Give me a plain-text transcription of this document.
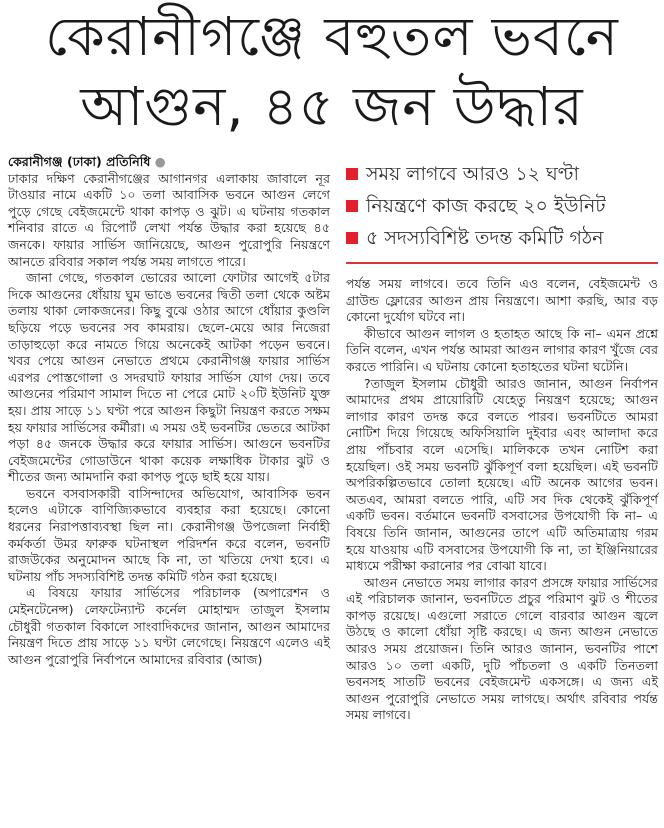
কেরানীগঞ্জে বহুতল ভবনে
আগুন, ৪৫ জন উদ্ধার
কেরানীগঞ্জ (ঢাকা) প্রতিনিধি ●

ঢাকার দক্ষিণ কেরানীগঞ্জের আগানগর এলাকায় জাবালে নূর টাওয়ার নামে একটি ১০ তলা আবাসিক ভবনে আগুন লেগে পুড়ে গেছে বেইজমেন্টে থাকা কাপড় ও ঝুট। এ ঘটনায় গতকাল শনিবার রাতে এ রিপোর্ট লেখা পর্যন্ত উদ্ধার করা হয়েছে ৪৫ জনকে। ফায়ার সার্ভিস জানিয়েছে, আগুন পুরোপুরি নিয়ন্ত্রণে আনতে রবিবার সকাল পর্যন্ত সময় লাগতে পারে।

জানা গেছে, গতকাল ভোরের আলো ফোটার আগেই ৫টার দিকে আগুনের ধোঁয়ায় ঘুম ভাঙে ভবনের দ্বিতী তলা থেকে অষ্টম তলায় থাকা লোকজনের। কিছু বুঝে ওঠার আগে ধোঁয়ার কুণ্ডলি ছড়িয়ে পড়ে ভবনের সব কামরায়। ছেলে-মেয়ে আর নিজেরা তাড়াহুড়ো করে নামতে গিয়ে অনেকেই আটকা পড়েন ভবনে। খবর পেয়ে আগুন নেভাতে প্রথমে কেরানীগঞ্জ ফায়ার সার্ভিস এরপর পোস্তগোলা ও সদরঘাট ফায়ার সার্ভিস যোগ দেয়। তবে আগুনের পরিমাণ সামাল দিতে না পেরে মোট ২০টি ইউনিট যুক্ত হয়। প্রায় সাড়ে ১১ ঘণ্টা পরে আগুন কিছুটা নিয়ন্ত্রণ করতে সক্ষম হয় ফায়ার সার্ভিসের কর্মীরা। এ সময় ওই ভবনটির ভেতরে আটকা পড়া ৪৫ জনকে উদ্ধার করে ফায়ার সার্ভিস। আগুনে ভবনটির বেইজমেন্টের গোডাউনে থাকা কয়েক লক্ষাধিক টাকার ঝুট ও শীতের জন্য আমদানি করা কাপড় পুড়ে ছাই হয়ে যায়।

ভবনে বসবাসকারী বাসিন্দাদের অভিযোগ, আবাসিক ভবন হলেও এটাকে বাণিজ্যিকভাবে ব্যবহার করা হয়েছে। কোনো ধরনের নিরাপত্তাব্যবস্থা ছিল না। কেরানীগঞ্জ উপজেলা নির্বাহী কর্মকর্তা উমর ফারুক ঘটনাস্থল পরিদর্শন করে বলেন, ভবনটি রাজউকের অনুমোদন আছে কি না, তা খতিয়ে দেখা হবে। এ ঘটনায় পাঁচ সদস্যবিশিষ্ট তদন্ত কমিটি গঠন করা হয়েছে।

এ বিষয়ে ফায়ার সার্ভিসের পরিচালক (অপারেশন ও মেইনটেনেন্স) লেফটেন্যান্ট কর্নেল মোহাম্মদ তাজুল ইসলাম চৌধুরী গতকাল বিকালে সাংবাদিকদের জানান, আগুন আমাদের নিয়ন্ত্রণ দিতে প্রায় সাড়ে ১১ ঘণ্টা লেগেছে। নিয়ন্ত্রণে এলেও এই আগুন পুরোপুরি নির্বাপনে আমাদের রবিবার (আজ)

সময় লাগবে আরও ১২ ঘণ্টা
নিয়ন্ত্রণে কাজ করছে ২০ ইউনিট
৫ সদস্যবিশিষ্ট তদন্ত কমিটি গঠন

পর্যন্ত সময় লাগবে। তবে তিনি এও বলেন, বেইজমেন্ট ও গ্রাউন্ড ফ্লোরের আগুন প্রায় নিয়ন্ত্রণে। আশা করছি, আর বড় কোনো দুর্যোগ ঘটবে না।

কীভাবে আগুন লাগল ও হতাহত আছে কি না– এমন প্রশ্নে তিনি বলেন, এখন পর্যন্ত আমরা আগুন লাগার কারণ খুঁজে বের করতে পারিনি। এ ঘটনায় কোনো হতাহতের ঘটনা ঘটেনি।

?তাজুল ইসলাম চৌধুরী আরও জানান, আগুন নির্বাপন আমাদের প্রথম প্রায়োরিটি যেহেতু নিয়ন্ত্রণ হয়েছে; আগুন লাগার কারণ তদন্ত করে বলতে পারব। ভবনটিতে আমরা নোটিশ দিয়ে গিয়েছে অফিসিয়ালি দুইবার এবং আলাদা করে প্রায় পাঁচবার বলে এসেছি। মালিককে তখন নোটিশ করা হয়েছিল। ওই সময় ভবনটি ঝুঁকিপূর্ণ বলা হয়েছিল। এই ভবনটি অপরিকল্পিতভাবে তোলা হয়েছে। এটি অনেক আগের ভবন। অতএব, আমরা বলতে পারি, এটি সব দিক থেকেই ঝুঁকিপূর্ণ একটি ভবন। বর্তমানে ভবনটি বসবাসের উপযোগী কি না– এ বিষয়ে তিনি জানান, আগুনের তাপে এটি অতিমাত্রায় গরম হয়ে যাওয়ায় এটি বসবাসের উপযোগী কি না, তা ইঞ্জিনিয়ারের মাধ্যমে পরীক্ষা করানোর পর বোঝা যাবে।

আগুন নেভাতে সময় লাগার কারণ প্রসঙ্গে ফায়ার সার্ভিসের এই পরিচালক জানান, ভবনটিতে প্রচুর পরিমাণ ঝুট ও শীতের কাপড় রয়েছে। এগুলো সরাতে গেলে বারবার আগুন জ্বলে উঠছে ও কালো ধোঁয়া সৃষ্টি করছে। এ জন্য আগুন নেভাতে আরও সময় প্রয়োজন। তিনি আরও জানান, ভবনটির পাশে আরও ১০ তলা একটি, দুটি পাঁচতলা ও একটি তিনতলা ভবনসহ সাতটি ভবনের বেইজমেন্ট একসঙ্গে। এ জন্য এই আগুন পুরোপুরি নেভাতে সময় লাগছে। অর্থাৎ রবিবার পর্যন্ত সময় লাগবে।
